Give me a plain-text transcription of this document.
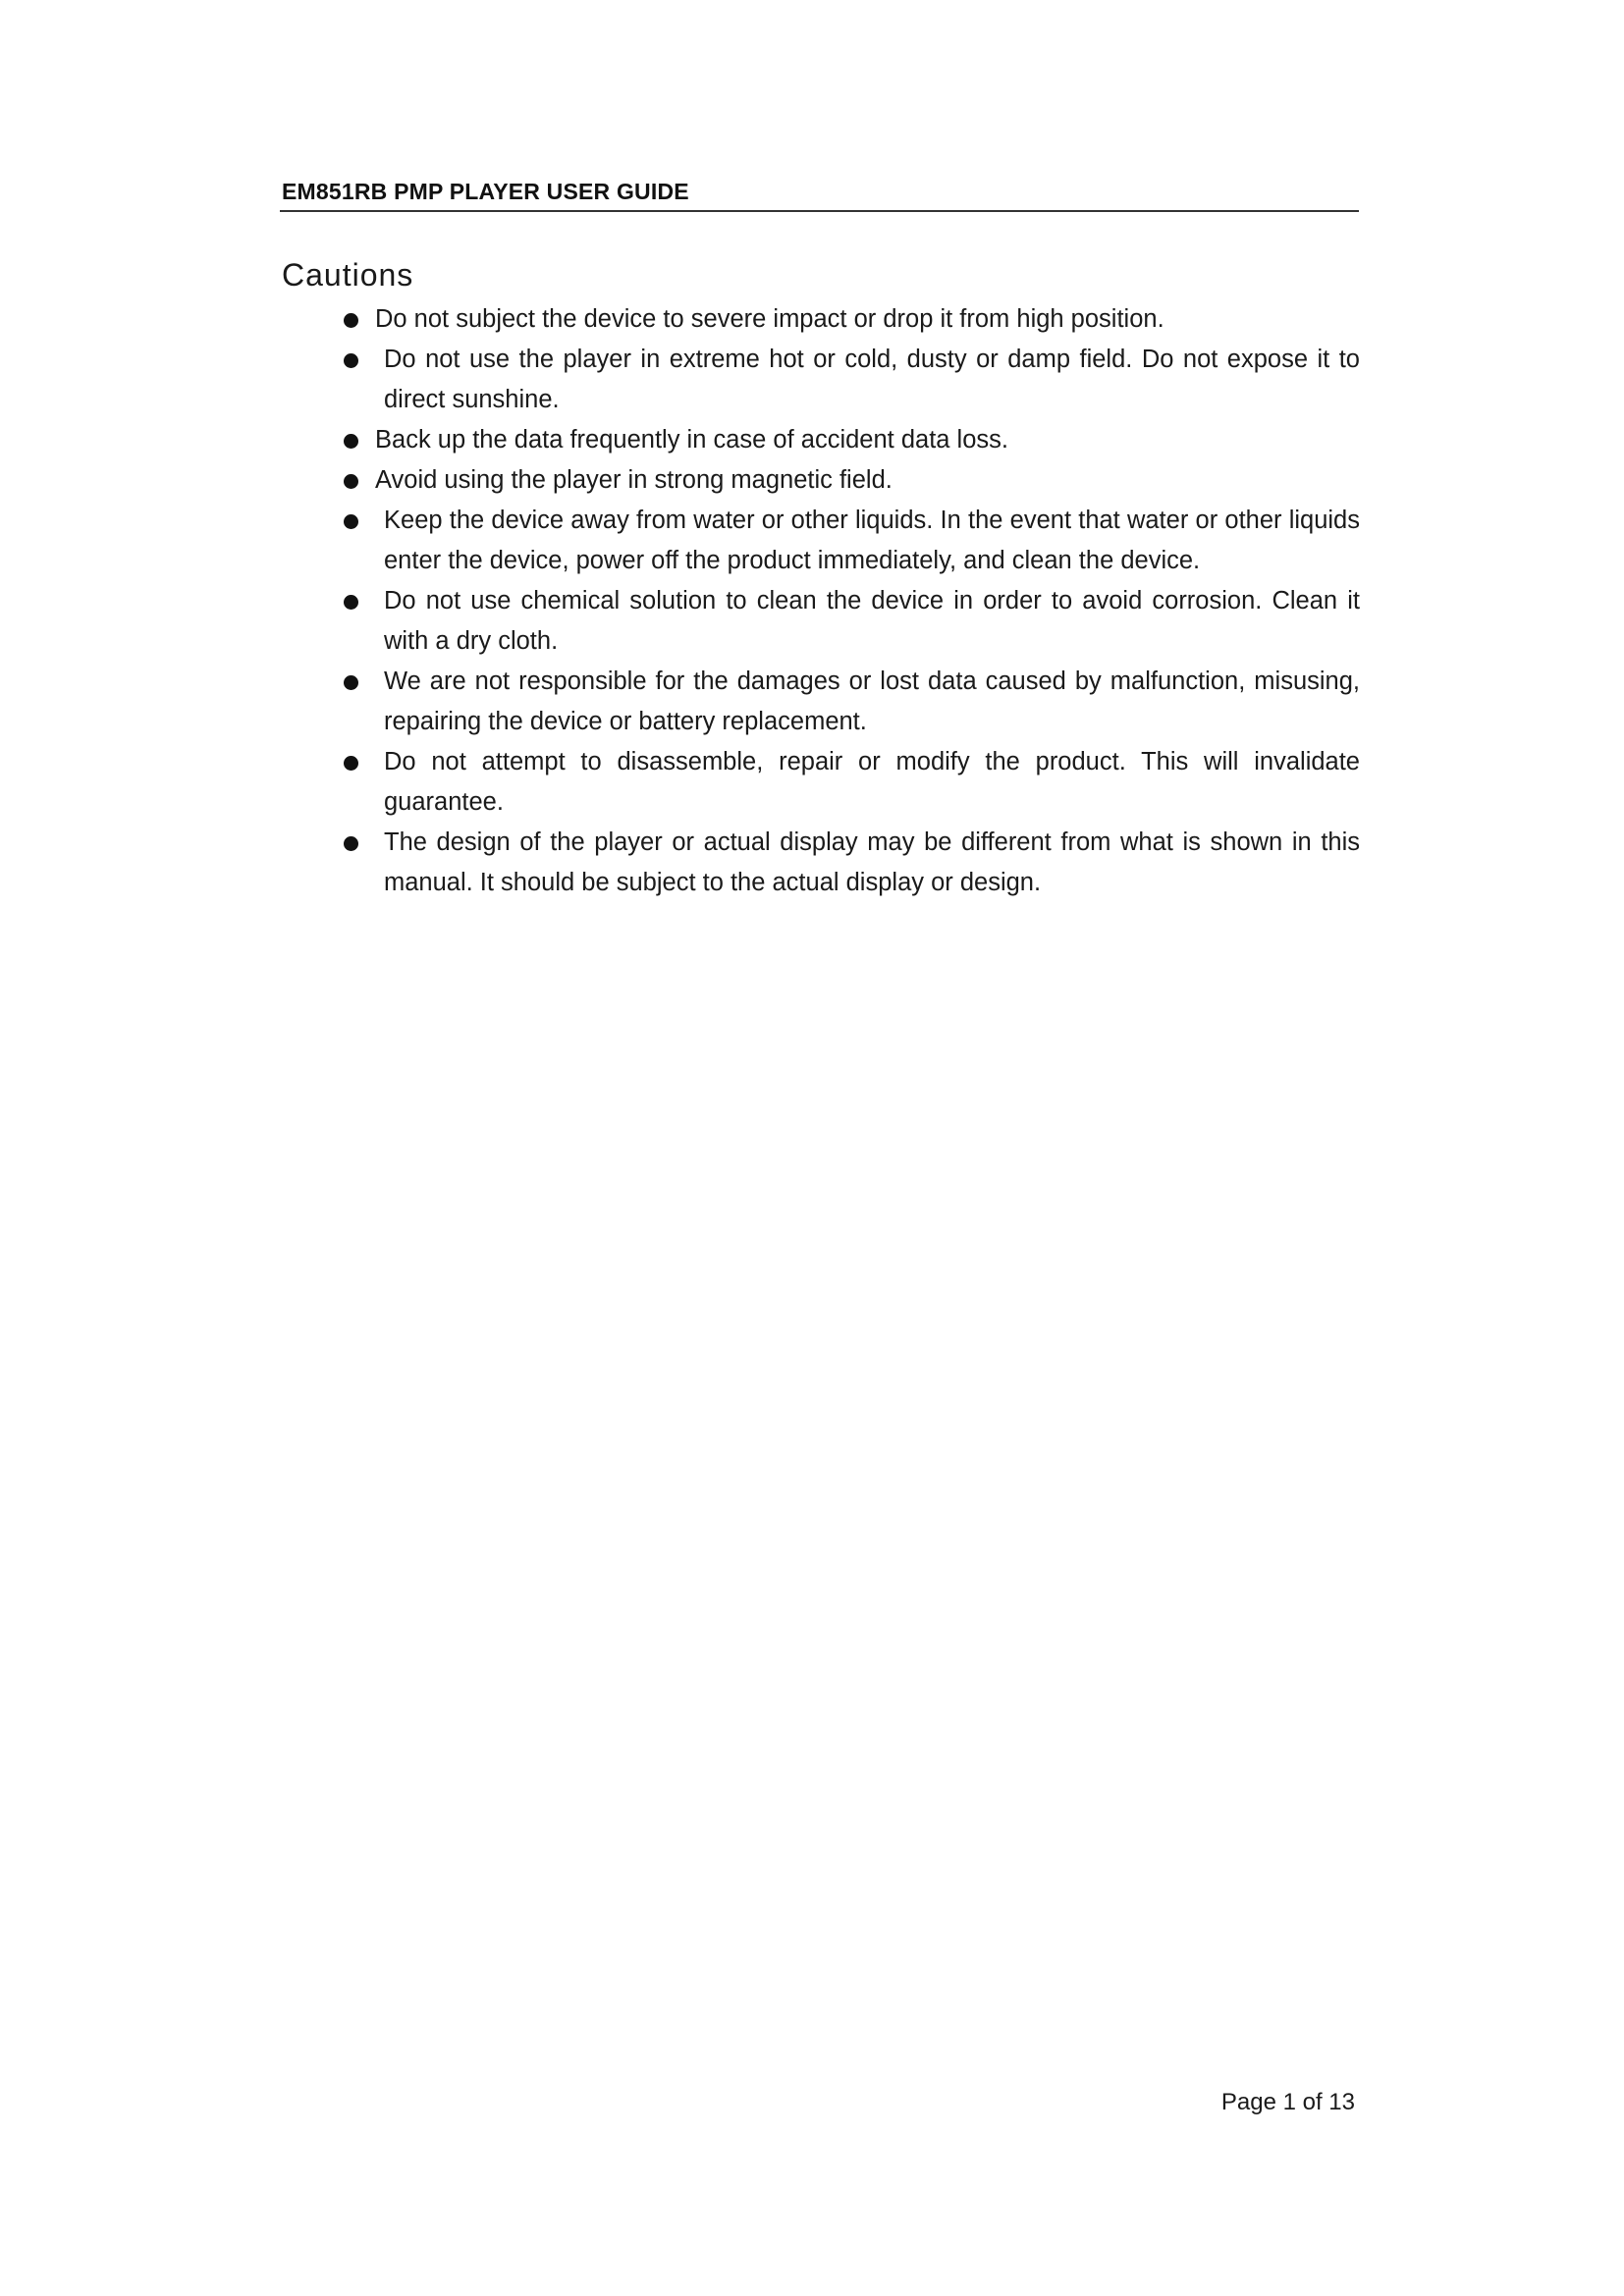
EM851RB PMP PLAYER USER GUIDE
Cautions
Do not subject the device to severe impact or drop it from high position.
Do not use the player in extreme hot or cold, dusty or damp field. Do not expose it to direct sunshine.
Back up the data frequently in case of accident data loss.
Avoid using the player in strong magnetic field.
Keep the device away from water or other liquids. In the event that water or other liquids enter the device, power off the product immediately, and clean the device.
Do not use chemical solution to clean the device in order to avoid corrosion. Clean it with a dry cloth.
We are not responsible for the damages or lost data caused by malfunction, misusing, repairing the device or battery replacement.
Do not attempt to disassemble, repair or modify the product. This will invalidate guarantee.
The design of the player or actual display may be different from what is shown in this manual. It should be subject to the actual display or design.
Page 1 of 13
